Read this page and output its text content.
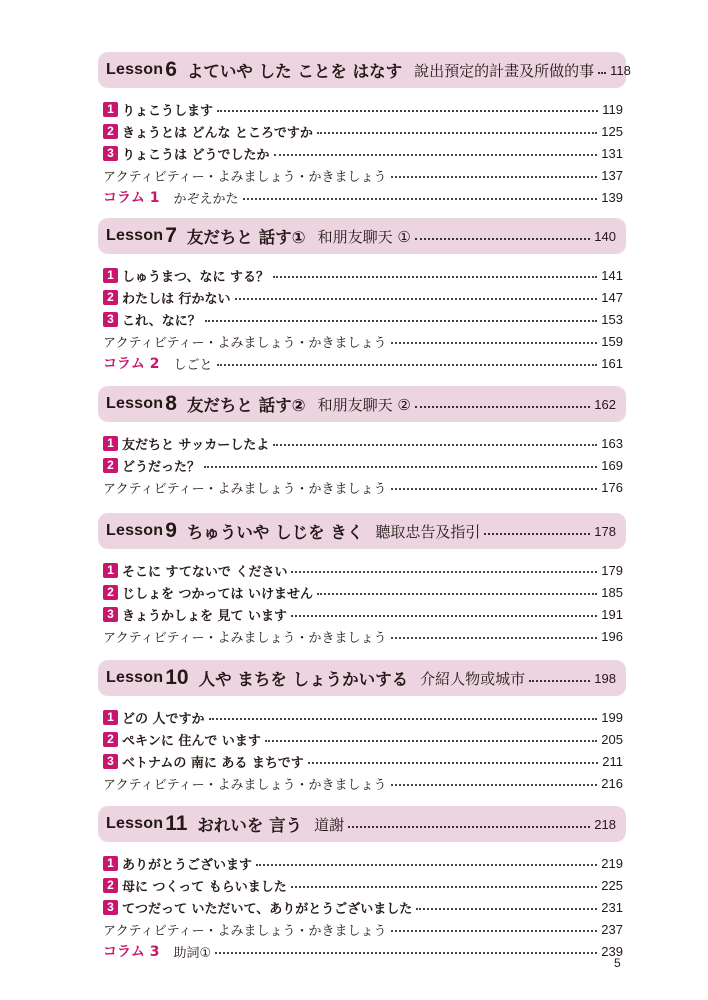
Lesson 6 よていや した ことを はなす 說出預定的計畫及所做的事 118
1 りょこうします	119
2 きょうとは どんな ところですか	125
3 りょこうは どうでしたか	131
アクティビティー・よみましょう・かきましょう	137
コラム 1 かぞえかた	139
Lesson 7 友だちと 話す① 和朋友聊天 ①	140
1 しゅうまつ、なに する？	141
2 わたしは 行かない	147
3 これ、なに？	153
アクティビティー・よみましょう・かきましょう	159
コラム 2 しごと	161
Lesson 8 友だちと 話す② 和朋友聊天 ②	162
1 友だちと サッカーしたよ	163
2 どうだった？	169
アクティビティー・よみましょう・かきましょう	176
Lesson 9 ちゅういや しじを きく 聽取忠告及指引	178
1 そこに すてないで ください	179
2 じしょを つかっては いけません	185
3 きょうかしょを 見て います	191
アクティビティー・よみましょう・かきましょう	196
Lesson 10 人や まちを しょうかいする 介紹人物或城市	198
1 どの 人ですか	199
2 ペキンに 住んで います	205
3 ベトナムの 南に ある まちです	211
アクティビティー・よみましょう・かきましょう	216
Lesson 11 おれいを 言う 道謝	218
1 ありがとうございます	219
2 母に つくって もらいました	225
3 てつだって いただいて、ありがとうございました	231
アクティビティー・よみましょう・かきましょう	237
コラム 3 助詞①	239
5
